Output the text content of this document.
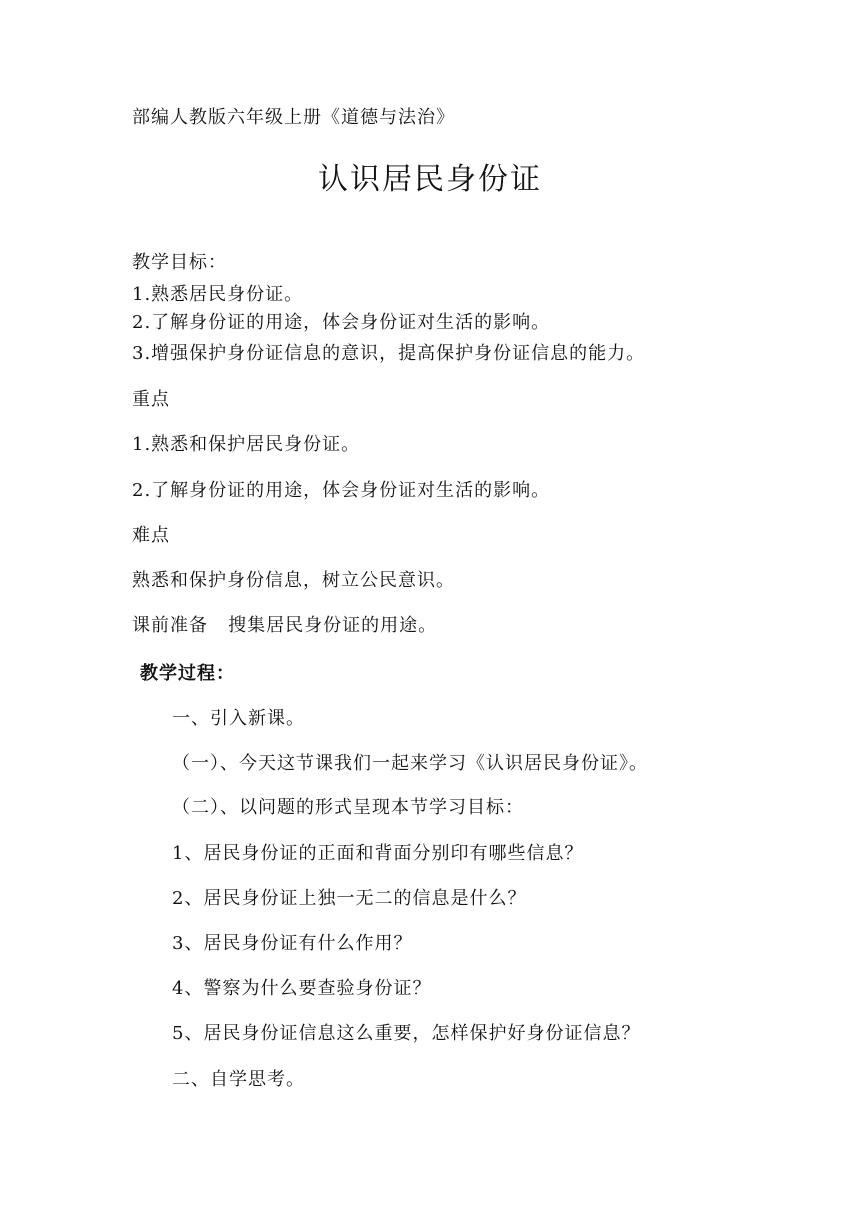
部编人教版六年级上册《道德与法治》
认识居民身份证
教学目标：
1.熟悉居民身份证。
2.了解身份证的用途，体会身份证对生活的影响。
3.增强保护身份证信息的意识，提高保护身份证信息的能力。
重点
1.熟悉和保护居民身份证。
2.了解身份证的用途，体会身份证对生活的影响。
难点
熟悉和保护身份信息，树立公民意识。
课前准备   搜集居民身份证的用途。
教学过程：
一、引入新课。
（一）、今天这节课我们一起来学习《认识居民身份证》。
（二）、以问题的形式呈现本节学习目标：
1、居民身份证的正面和背面分别印有哪些信息？
2、居民身份证上独一无二的信息是什么？
3、居民身份证有什么作用？
4、警察为什么要查验身份证？
5、居民身份证信息这么重要，怎样保护好身份证信息？
二、自学思考。
